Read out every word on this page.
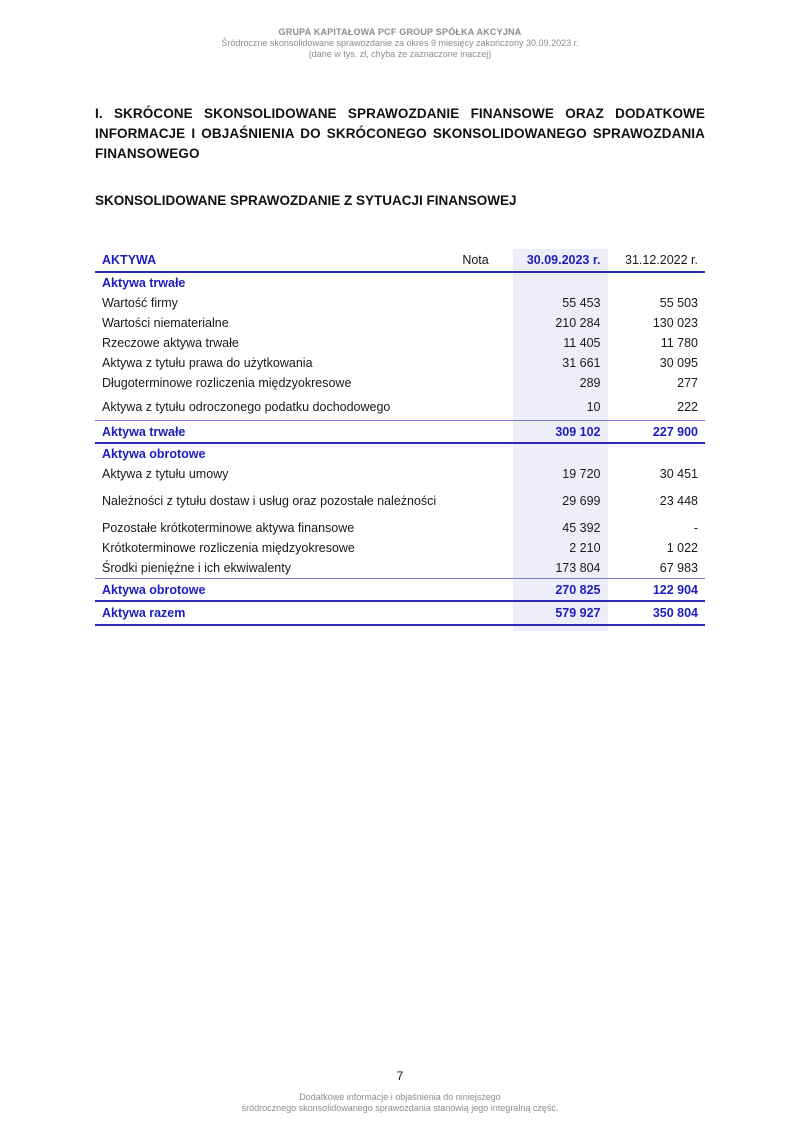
GRUPA KAPITAŁOWA PCF GROUP SPÓŁKA AKCYJNA
Śródroczne skonsolidowane sprawozdanie za okres 9 miesięcy zakończony 30.09.2023 r.
(dane w tys. zł, chyba że zaznaczone inaczej)
I. SKRÓCONE SKONSOLIDOWANE SPRAWOZDANIE FINANSOWE ORAZ DODATKOWE INFORMACJE I OBJAŚNIENIA DO SKRÓCONEGO SKONSOLIDOWANEGO SPRAWOZDANIA FINANSOWEGO
SKONSOLIDOWANE SPRAWOZDANIE Z SYTUACJI FINANSOWEJ
AKTYWA	Nota	30.09.2023 r.	31.12.2022 r.
Aktywa trwałe			
Wartość firmy		55 453	55 503
Wartości niematerialne		210 284	130 023
Rzeczowe aktywa trwałe		11 405	11 780
Aktywa z tytułu prawa do użytkowania		31 661	30 095
Długoterminowe rozliczenia międzyokresowe		289	277
Aktywa z tytułu odroczonego podatku dochodowego		10	222
Aktywa trwałe		309 102	227 900
Aktywa obrotowe			
Aktywa z tytułu umowy		19 720	30 451
Należności z tytułu dostaw i usług oraz pozostałe należności		29 699	23 448
Pozostałe krótkoterminowe aktywa finansowe		45 392	-
Krótkoterminowe rozliczenia międzyokresowe		2 210	1 022
Środki pieniężne i ich ekwiwalenty		173 804	67 983
Aktywa obrotowe		270 825	122 904
Aktywa razem		579 927	350 804
7
Dodatkowe informacje i objaśnienia do niniejszego
śródrocznego skonsolidowanego sprawozdania stanowią jego integralną część.
